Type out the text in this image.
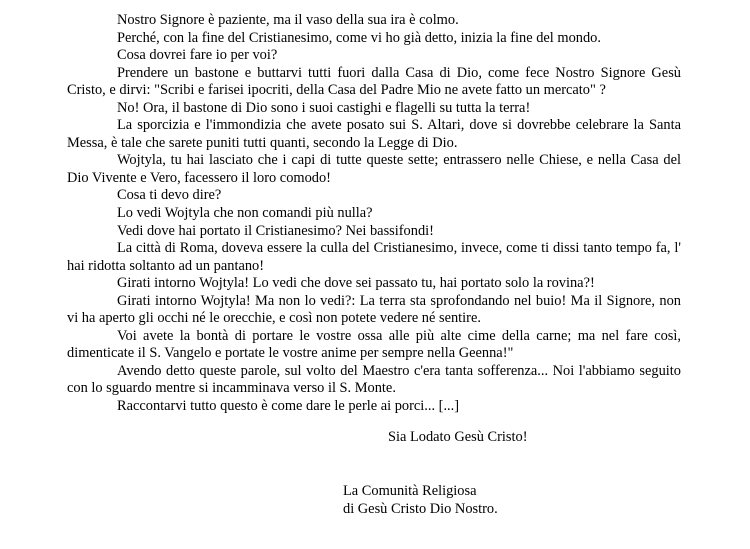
Nostro Signore è paziente, ma il vaso della sua ira è colmo.

Perché, con la fine del Cristianesimo, come vi ho già detto, inizia la fine del mondo.

Cosa dovrei fare io per voi?

Prendere un bastone e buttarvi tutti fuori dalla Casa di Dio, come fece Nostro Signore Gesù Cristo, e dirvi: "Scribi e farisei ipocriti, della Casa del Padre Mio ne avete fatto un mercato" ?

No! Ora, il bastone di Dio sono i suoi castighi e flagelli su tutta la terra!

La sporcizia e l'immondizia che avete posato sui S. Altari, dove si dovrebbe celebrare la Santa Messa, è tale che sarete puniti tutti quanti, secondo la Legge di Dio.

Wojtyla, tu hai lasciato che i capi di tutte queste sette; entrassero nelle Chiese, e nella Casa del Dio Vivente e Vero, facessero il loro comodo!

Cosa ti devo dire?

Lo vedi Wojtyla che non comandi più nulla?

Vedi dove hai portato il Cristianesimo? Nei bassifondi!

La città di Roma, doveva essere la culla del Cristianesimo, invece, come ti dissi tanto tempo fa, l' hai ridotta soltanto ad un pantano!

Girati intorno Wojtyla! Lo vedi che dove sei passato tu, hai portato solo la rovina?!

Girati intorno Wojtyla! Ma non lo vedi?: La terra sta sprofondando nel buio! Ma il Signore, non vi ha aperto gli occhi né le orecchie, e così non potete vedere né sentire.

Voi avete la bontà di portare le vostre ossa alle più alte cime della carne; ma nel fare così, dimenticate il S. Vangelo e portate le vostre anime per sempre nella Geenna!"

Avendo detto queste parole, sul volto del Maestro c'era tanta sofferenza... Noi l'abbiamo seguito con lo sguardo mentre si incamminava verso il S. Monte.

Raccontarvi tutto questo è come dare le perle ai porci... [...]

Sia Lodato Gesù Cristo!
La Comunità Religiosa
di Gesù Cristo Dio Nostro.
